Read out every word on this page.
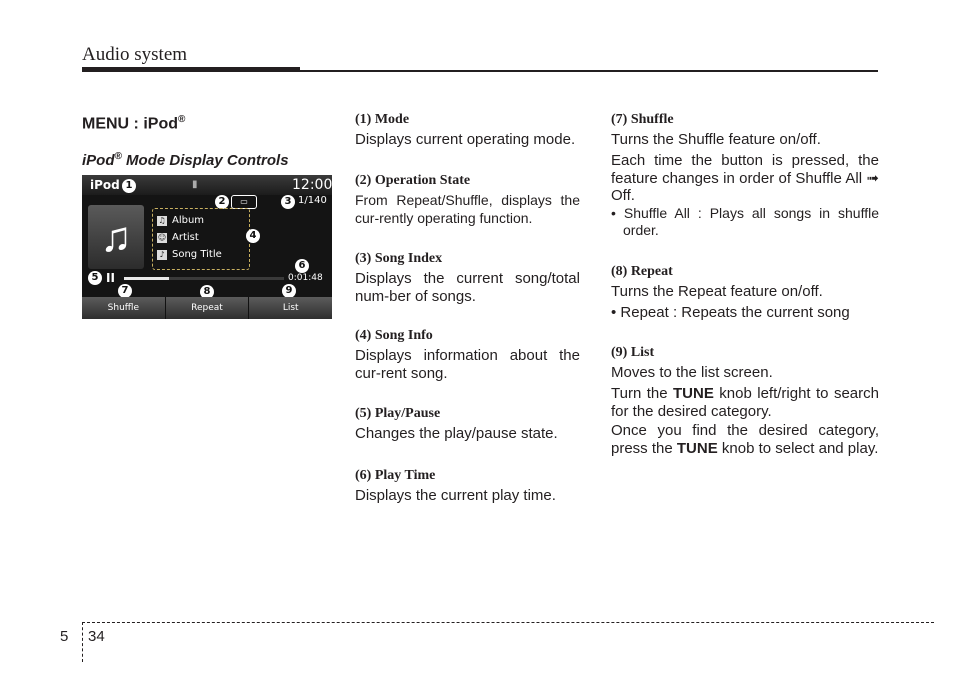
Audio system
MENU : iPod®
iPod® Mode Display Controls
iPod 1	▮	12:00
2	▭	3 1/140
♫	♫ Album
☺ Artist
♪ Song Title
4
6
5 II	0:01:48
7	8	9
Shuffle	Repeat	List
(1) Mode
Displays current operating mode.
(2) Operation State
From Repeat/Shuffle, displays the cur-rently operating function.
(3) Song Index
Displays the current song/total num-ber of songs.
(4) Song Info
Displays information about the cur-rent song.
(5) Play/Pause
Changes the play/pause state.
(6) Play Time
Displays the current play time.
(7) Shuffle
Turns the Shuffle feature on/off.
Each time the button is pressed, the feature changes in order of Shuffle All ➟ Off.
• Shuffle All : Plays all songs in shuffle order.
(8) Repeat
Turns the Repeat feature on/off.
• Repeat : Repeats the current song
(9) List
Moves to the list screen.
Turn the TUNE knob left/right to search for the desired category.
Once you find the desired category, press the TUNE knob to select and play.
5 34
